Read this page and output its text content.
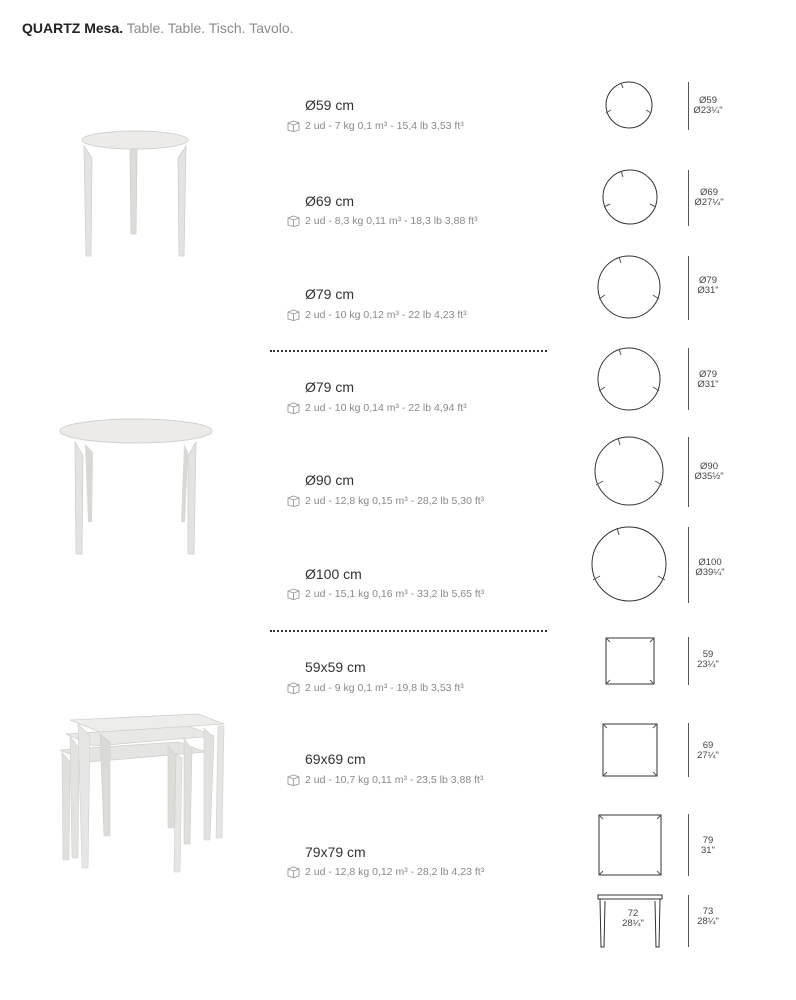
QUARTZ Mesa. Table. Table. Tisch. Tavolo.
Ø59 cm
2 ud - 7 kg 0,1 m³ - 15,4 lb 3,53 ft³
Ø69 cm
2 ud - 8,3 kg 0,11 m³ - 18,3 lb 3,88 ft³
Ø79 cm
2 ud - 10 kg 0,12 m³ - 22 lb 4,23 ft³
Ø79 cm
2 ud - 10 kg 0,14 m³ - 22 lb 4,94 ft³
Ø90 cm
2 ud - 12,8 kg 0,15 m³ - 28,2 lb 5,30 ft³
Ø100 cm
2 ud - 15,1 kg 0,16 m³ - 33,2 lb 5,65 ft³
59x59 cm
2 ud - 9 kg 0,1 m³ - 19,8 lb 3,53 ft³
69x69 cm
2 ud - 10,7 kg 0,11 m³ - 23,5 lb 3,88 ft³
79x79 cm
2 ud - 12,8 kg 0,12 m³ - 28,2 lb 4,23 ft³
Ø59
Ø23¼"
Ø69
Ø27¼"
Ø79
Ø31"
Ø79
Ø31"
Ø90
Ø35½"
Ø100
Ø39¼"
59
23¼"
69
27¼"
79
31"
73
28¼"
72
28¼"
